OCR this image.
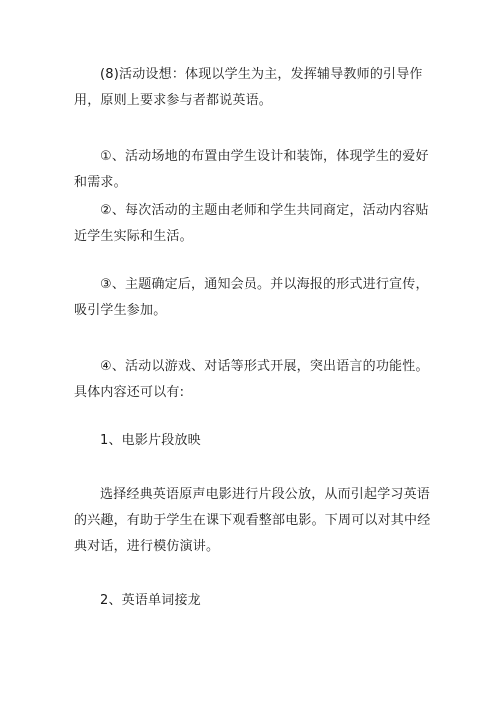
(8)活动设想：体现以学生为主，发挥辅导教师的引导作用，原则上要求参与者都说英语。

①、活动场地的布置由学生设计和装饰，体现学生的爱好和需求。

②、每次活动的主题由老师和学生共同商定，活动内容贴近学生实际和生活。

③、主题确定后，通知会员。并以海报的形式进行宣传，吸引学生参加。

④、活动以游戏、对话等形式开展，突出语言的功能性。 具体内容还可以有:

1、电影片段放映

选择经典英语原声电影进行片段公放，从而引起学习英语的兴趣，有助于学生在课下观看整部电影。下周可以对其中经典对话，进行模仿演讲。

2、英语单词接龙
